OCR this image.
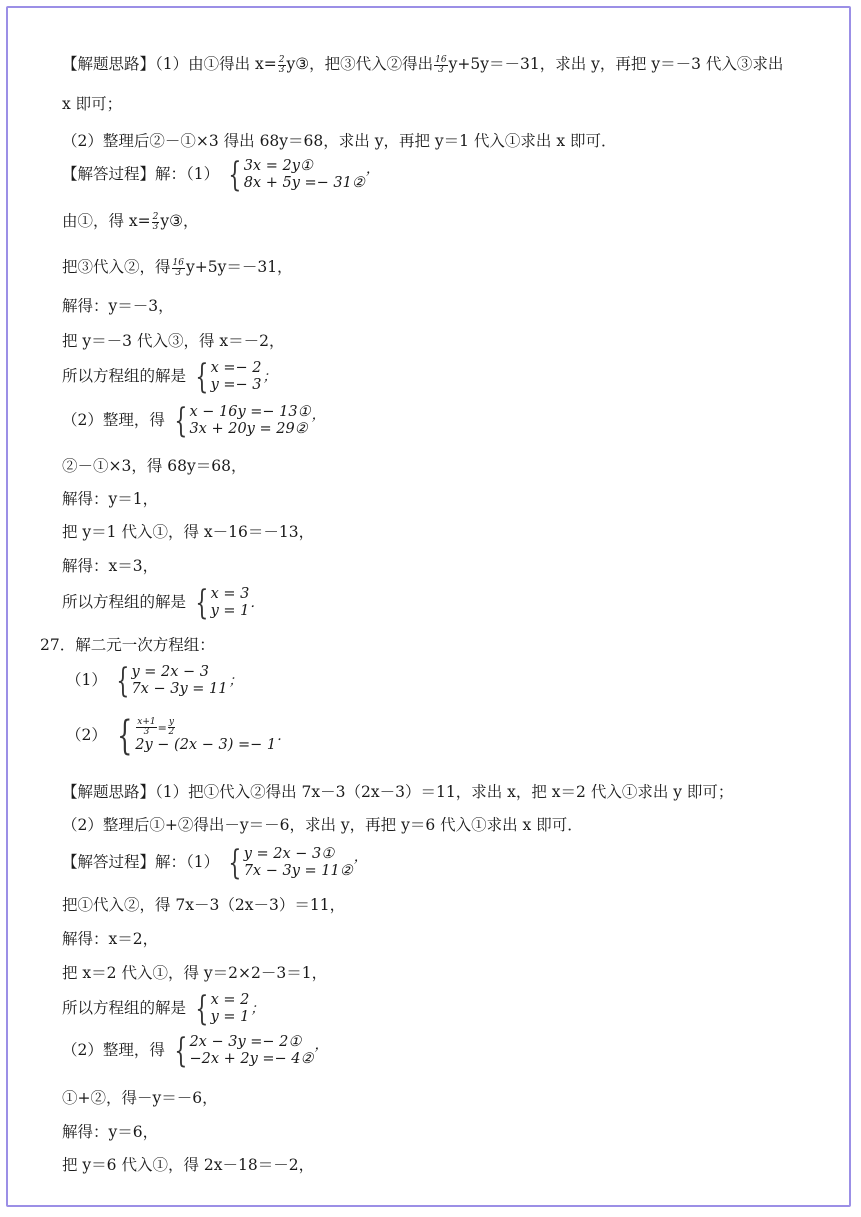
【解题思路】（1）由①得出 $x= \frac{2}{3}$ y③，把③代入②得出 $\frac{16}{3} y+5y=-31$，求出 y，再把 y＝－3 代入③求出
x 即可；
（2）整理后②－①×3 得出 68y＝68，求出 y，再把 y＝1 代入①求出 x 即可．
【解答过程】解：（1） { 3x = 2y①
8x + 5y =− 31②
，
由①，得 $x= \frac{2}{3}$ y③，
把③代入②，得 $\frac{16}{3} y+5y=-31$，
解得：y＝－3，
把 y＝－3 代入③，得 x＝－2，
所以方程组的解是 { x =− 2
y =− 3 ；
（2）整理，得 { x − 16y =− 13①
3x + 20y = 29②
，
②－①×3，得 68y＝68，
解得：y＝1，
把 y＝1 代入①，得 x－16＝－13，
解得：x＝3，
所以方程组的解是 { x = 3
y = 1 ．
27．解二元一次方程组：
（1） { y = 2x − 3
7x − 3y = 11 ；
（2） { $\frac{x+1}{3} = \frac{y}{2}$
2y − (2x − 3) =− 1
．
【解题思路】（1）把①代入②得出 7x－3（2x－3）＝11，求出 x，把 x＝2 代入①求出 y 即可；
（2）整理后①+②得出－y＝－6，求出 y，再把 y＝6 代入①求出 x 即可．
【解答过程】解：（1） { y = 2x − 3①
7x − 3y = 11②
，
把①代入②，得 7x－3（2x－3）＝11，
解得：x＝2，
把 x＝2 代入①，得 y＝2×2－3＝1，
所以方程组的解是 { x = 2
y = 1 ；
（2）整理，得 { 2x − 3y =− 2①
−2x + 2y =− 4②
，
①+②，得－y＝－6，
解得：y＝6，
把 y＝6 代入①，得 2x－18＝－2，
